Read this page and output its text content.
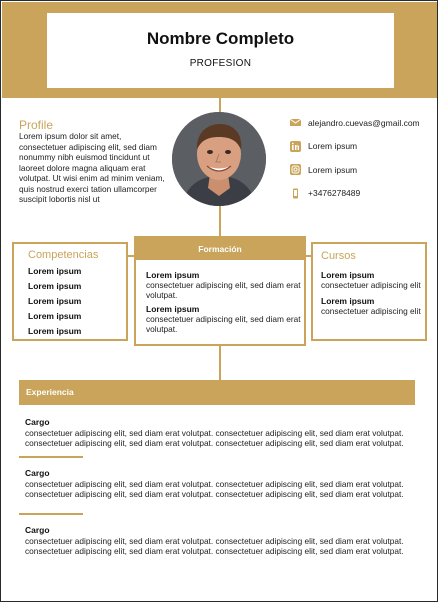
Nombre Completo
PROFESION
Profile
Lorem ipsum dolor sit amet, consectetuer adipiscing elit, sed diam nonummy nibh euismod tincidunt ut laoreet dolore magna aliquam erat volutpat. Ut wisi enim ad minim veniam, quis nostrud exerci tation ullamcorper suscipit lobortis nisl ut
alejandro.cuevas@gmail.com
Lorem ipsum
Lorem ipsum
+3476278489
Competencias
Lorem ipsum
Lorem ipsum
Lorem ipsum
Lorem ipsum
Lorem ipsum
Formación
Lorem ipsum
consectetuer adipiscing elit, sed diam erat volutpat.
Lorem ipsum
consectetuer adipiscing elit, sed diam erat volutpat.
Cursos
Lorem ipsum
consectetuer adipiscing elit
Lorem ipsum
consectetuer adipiscing elit
Experiencia
Cargo
consectetuer adipiscing elit, sed diam erat volutpat. consectetuer adipiscing elit, sed diam erat volutpat. consectetuer adipiscing elit, sed diam erat volutpat. consectetuer adipiscing elit, sed diam erat volutpat.
Cargo
consectetuer adipiscing elit, sed diam erat volutpat. consectetuer adipiscing elit, sed diam erat volutpat. consectetuer adipiscing elit, sed diam erat volutpat. consectetuer adipiscing elit, sed diam erat volutpat.
Cargo
consectetuer adipiscing elit, sed diam erat volutpat. consectetuer adipiscing elit, sed diam erat volutpat. consectetuer adipiscing elit, sed diam erat volutpat. consectetuer adipiscing elit, sed diam erat volutpat.
